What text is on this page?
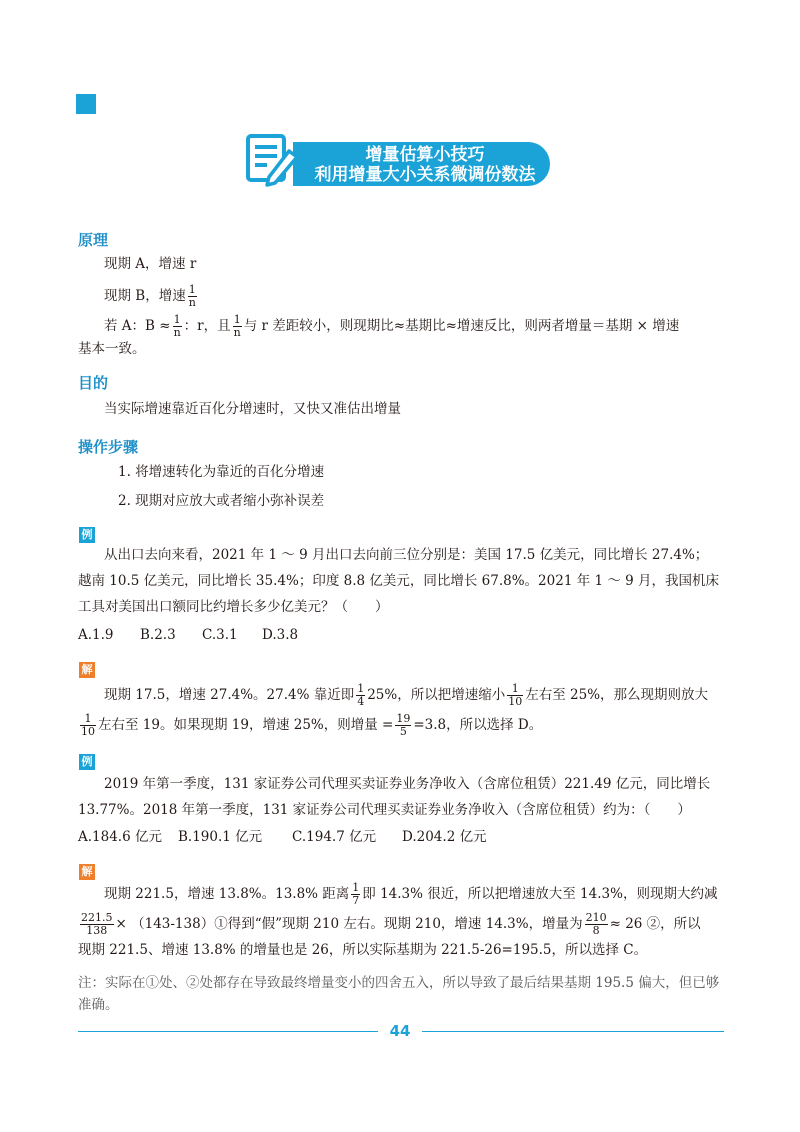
增量估算小技巧
利用增量大小关系微调份数法
原理
现期 A，增速 r
现期 B，增速 $\frac{1}{n}$
若 A：$B \approx \frac{1}{n}$ ：r，且 $\frac{1}{n}$ 与 r 差距较小，则现期比≈基期比≈增速反比，则两者增量＝基期 × 增速
基本一致。
目的
当实际增速靠近百化分增速时，又快又准估出增量
操作步骤
1. 将增速转化为靠近的百化分增速
2. 现期对应放大或者缩小弥补误差
例
从出口去向来看，2021 年 1 ～ 9 月出口去向前三位分别是：美国 17.5 亿美元，同比增长 27.4%；
越南 10.5 亿美元，同比增长 35.4%；印度 8.8 亿美元，同比增长 67.8%。2021 年 1 ～ 9 月，我国机床
工具对美国出口额同比约增长多少亿美元？（　　）
A.1.9 B.2.3 C.3.1 D.3.8
解
现期 17.5，增速 27.4%。27.4% 靠近即 $\frac{1}{4} 25\%$，所以把增速缩小 $\frac{1}{10}$ 左右至 25%，那么现期则放大
$\frac{1}{10}$ 左右至 19。如果现期 19，增速 25%，则增量 = $\frac{19}{5} =3.8$，所以选择 D。
例
2019 年第一季度，131 家证券公司代理买卖证券业务净收入（含席位租赁）221.49 亿元，同比增长
13.77%。2018 年第一季度，131 家证券公司代理买卖证券业务净收入（含席位租赁）约为：（　　）
A.184.6 亿元 B.190.1 亿元 C.194.7 亿元 D.204.2 亿元
解
现期 221.5，增速 13.8%。13.8% 距离 $\frac{1}{7}$ 即 14.3% 很近，所以把增速放大至 14.3%，则现期大约减
$\frac{221.5}{138}$ × （143-138）①得到“假”现期 210 左右。现期 210，增速 14.3%，增量为 $\frac{210}{8} \approx 26$ ②，所以
现期 221.5、增速 13.8% 的增量也是 26，所以实际基期为 221.5-26=195.5，所以选择 C。
注：实际在①处、②处都存在导致最终增量变小的四舍五入，所以导致了最后结果基期 195.5 偏大，但已够准确。
44
